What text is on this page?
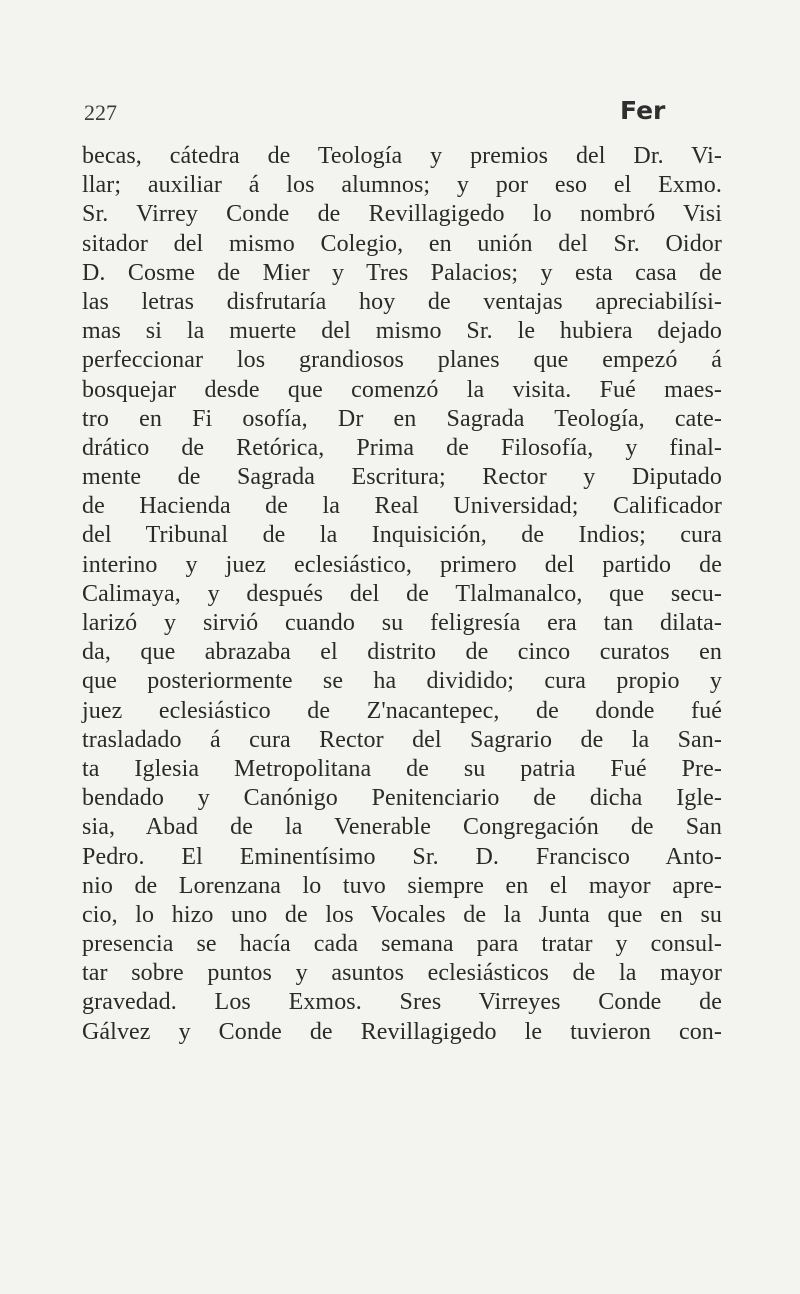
227	Fer
becas, cátedra de Teología y premios del Dr. Vi-
llar; auxiliar á los alumnos; y por eso el Exmo.
Sr. Virrey Conde de Revillagigedo lo nombró Visi
sitador del mismo Colegio, en unión del Sr. Oidor
D. Cosme de Mier y Tres Palacios; y esta casa de
las letras disfrutaría hoy de ventajas apreciabilísi-
mas si la muerte del mismo Sr. le hubiera dejado
perfeccionar los grandiosos planes que empezó á
bosquejar desde que comenzó la visita. Fué maes-
tro en Fi osofía, Dr en Sagrada Teología, cate-
drático de Retórica, Prima de Filosofía, y final-
mente de Sagrada Escritura; Rector y Diputado
de Hacienda de la Real Universidad; Calificador
del Tribunal de la Inquisición, de Indios; cura
interino y juez eclesiástico, primero del partido de
Calimaya, y después del de Tlalmanalco, que secu-
larizó y sirvió cuando su feligresía era tan dilata-
da, que abrazaba el distrito de cinco curatos en
que posteriormente se ha dividido; cura propio y
juez eclesiástico de Z'nacantepec, de donde fué
trasladado á cura Rector del Sagrario de la San-
ta Iglesia Metropolitana de su patria Fué Pre-
bendado y Canónigo Penitenciario de dicha Igle-
sia, Abad de la Venerable Congregación de San
Pedro. El Eminentísimo Sr. D. Francisco Anto-
nio de Lorenzana lo tuvo siempre en el mayor apre-
cio, lo hizo uno de los Vocales de la Junta que en su
presencia se hacía cada semana para tratar y consul-
tar sobre puntos y asuntos eclesiásticos de la mayor
gravedad. Los Exmos. Sres Virreyes Conde de
Gálvez y Conde de Revillagigedo le tuvieron con-
